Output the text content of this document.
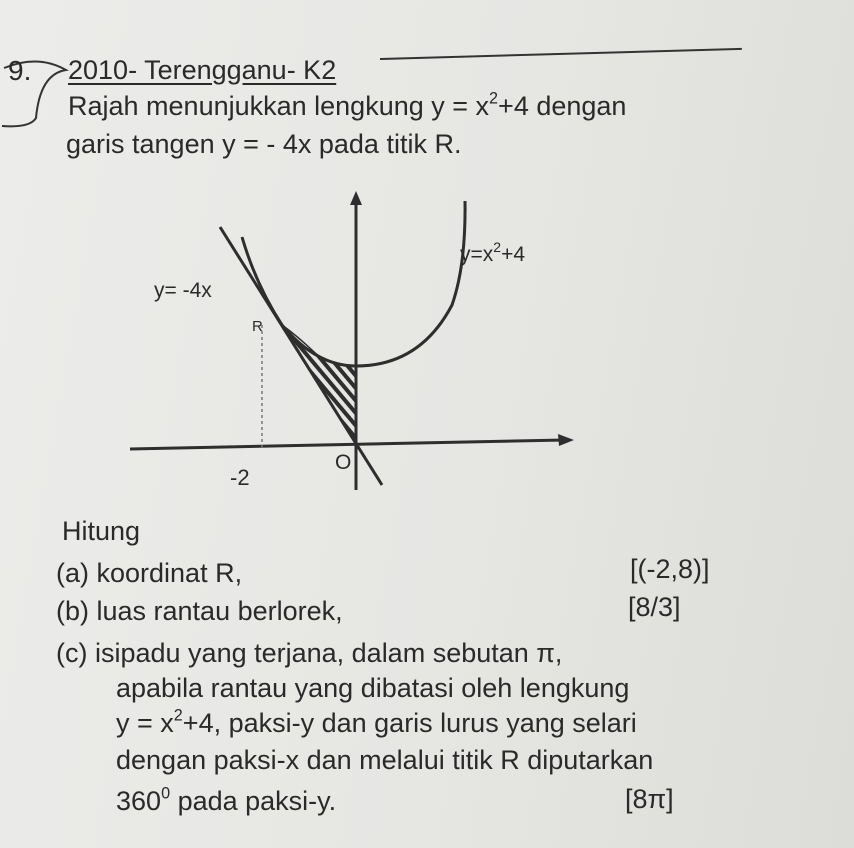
9. 2010- Terengganu- K2
Rajah menunjukkan lengkung $y = x^2+4$ dengan
garis tangen y = - 4x pada titik R.
$y=x^2+4$
y= -4x
R
-2
O
Hitung
(a) koordinat R,	[(-2,8)]
(b) luas rantau berlorek,	[8/3]
(c) isipadu yang terjana, dalam sebutan π,
apabila rantau yang dibatasi oleh lengkung
$y = x^2+4$, paksi-y dan garis lurus yang selari
dengan paksi-x dan melalui titik R diputarkan
$360^0$ pada paksi-y.	[8π]
